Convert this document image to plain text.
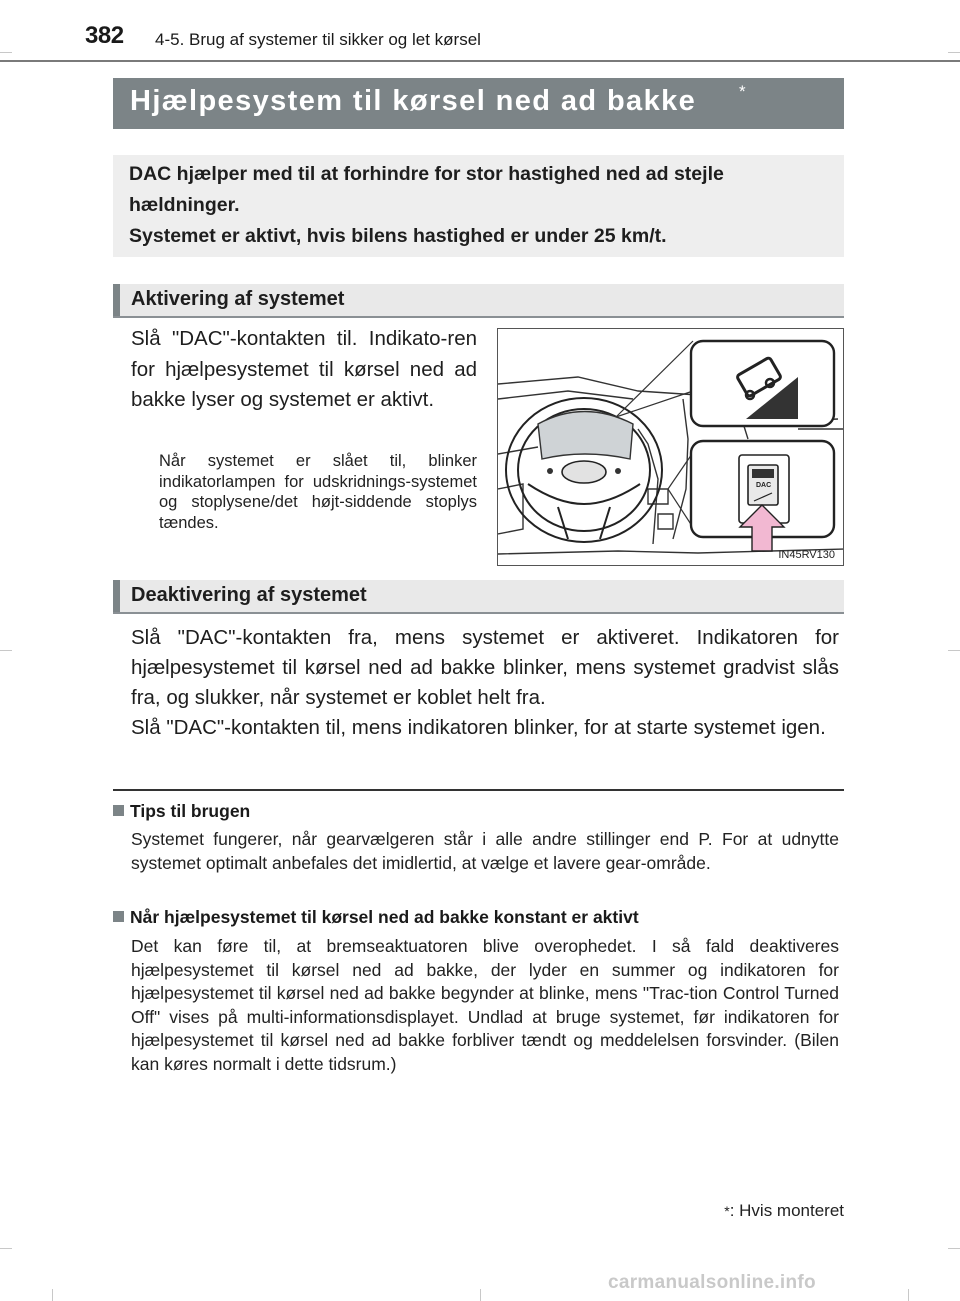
382 4-5. Brug af systemer til sikker og let kørsel
Hjælpesystem til kørsel ned ad bakke	*

DAC hjælper med til at forhindre for stor hastighed ned ad stejle hældninger.

Systemet er aktivt, hvis bilens hastighed er under 25 km/t.

Aktivering af systemet

Slå "DAC"-kontakten til. Indikato-ren for hjælpesystemet til kørsel ned ad bakke lyser og systemet er aktivt.

Når systemet er slået til, blinker indikatorlampen for udskridnings-systemet og stoplysene/det højt-siddende stoplys tændes.
DAC
IN45RV130
Deaktivering af systemet

Slå "DAC"-kontakten fra, mens systemet er aktiveret. Indikatoren for hjælpesystemet til kørsel ned ad bakke blinker, mens systemet gradvist slås fra, og slukker, når systemet er koblet helt fra.

Slå "DAC"-kontakten til, mens indikatoren blinker, for at starte systemet igen.

Tips til brugen

Systemet fungerer, når gearvælgeren står i alle andre stillinger end P. For at udnytte systemet optimalt anbefales det imidlertid, at vælge et lavere gear-område.

Når hjælpesystemet til kørsel ned ad bakke konstant er aktivt

Det kan føre til, at bremseaktuatoren blive overophedet. I så fald deaktiveres hjælpesystemet til kørsel ned ad bakke, der lyder en summer og indikatoren for hjælpesystemet til kørsel ned ad bakke begynder at blinke, mens "Trac-tion Control Turned Off" vises på multi-informationsdisplayet. Undlad at bruge systemet, før indikatoren for hjælpesystemet til kørsel ned ad bakke forbliver tændt og meddelelsen forsvinder. (Bilen kan køres normalt i dette tidsrum.)

*: Hvis monteret
carmanualsonline.info
